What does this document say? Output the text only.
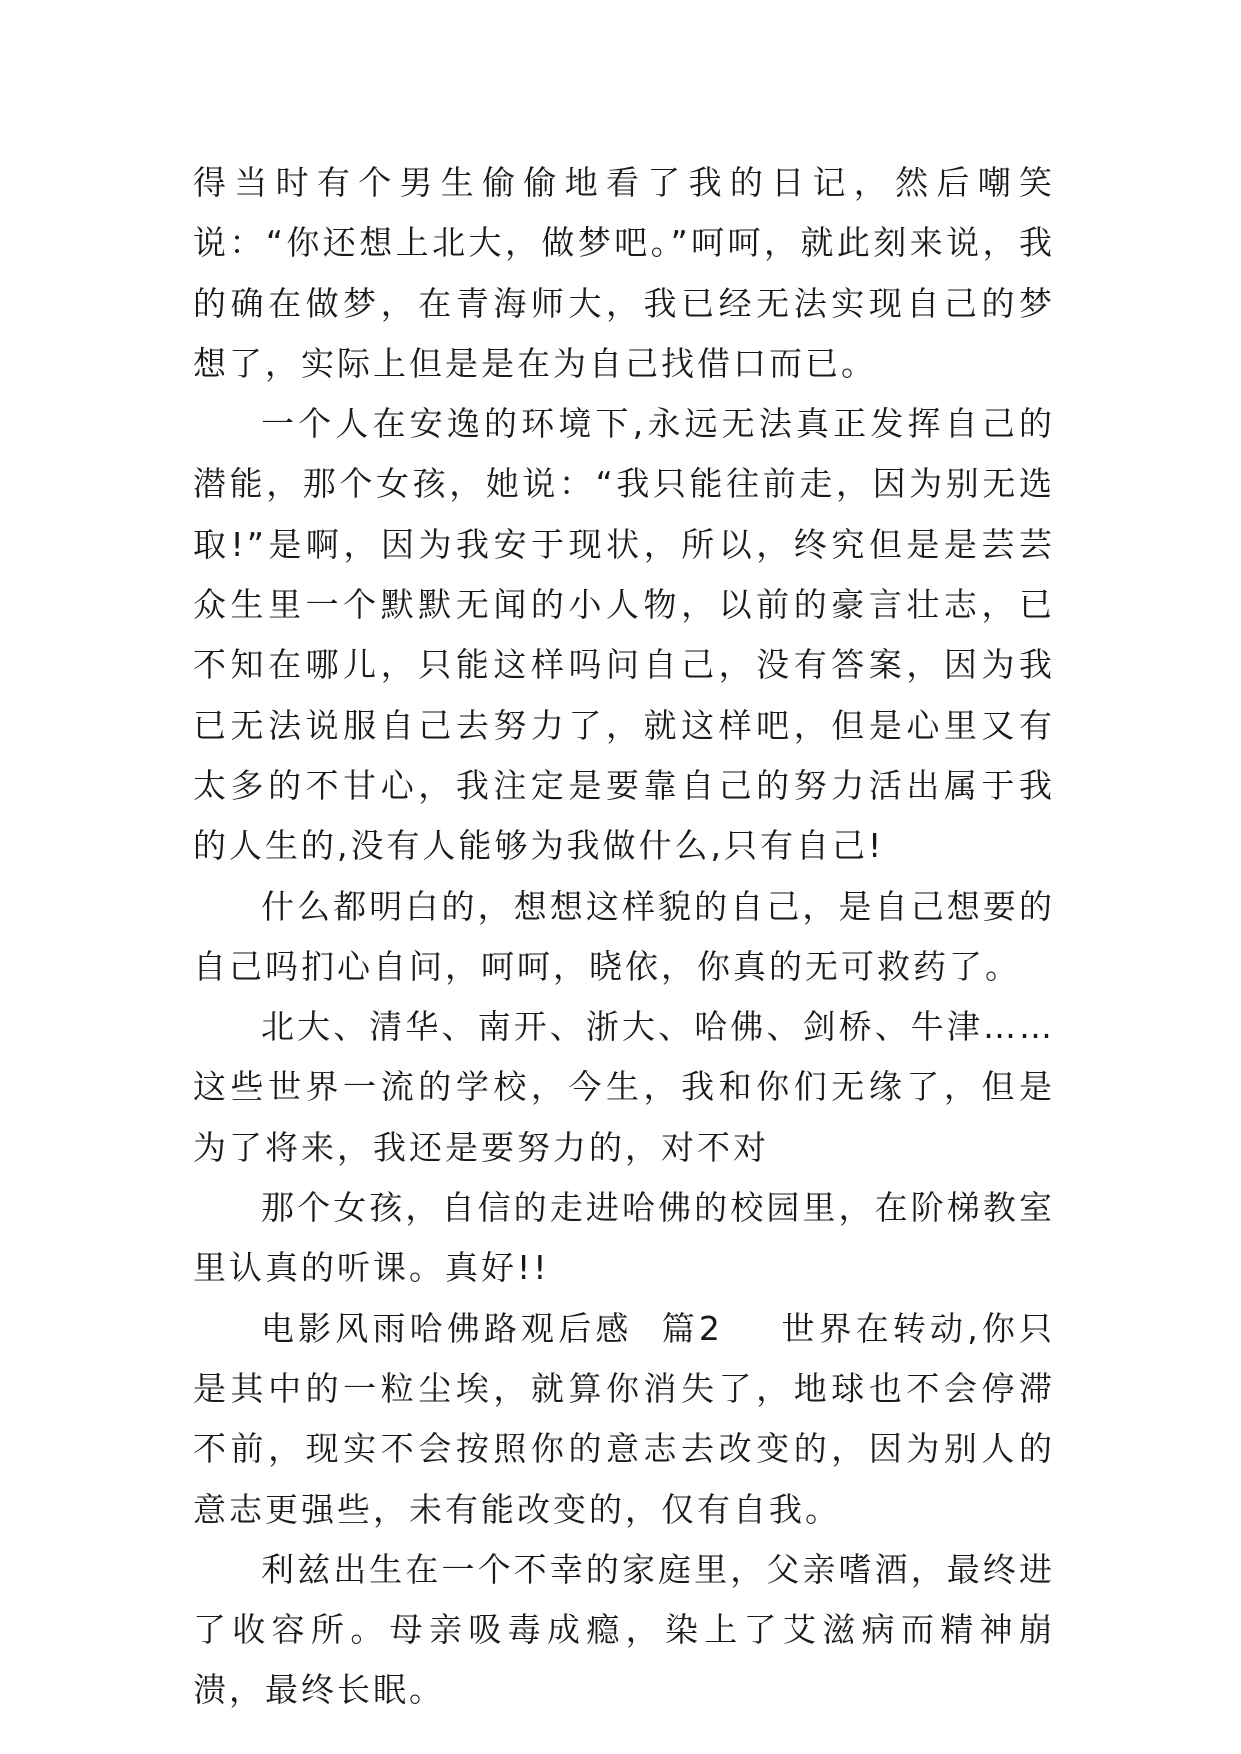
得当时有个男生偷偷地看了我的日记，然后嘲笑说：“你还想上北大，做梦吧。”呵呵，就此刻来说，我的确在做梦，在青海师大，我已经无法实现自己的梦想了，实际上但是是在为自己找借口而已。

一个人在安逸的环境下,永远无法真正发挥自己的潜能，那个女孩，她说：“我只能往前走，因为别无选取!”是啊，因为我安于现状，所以，终究但是是芸芸众生里一个默默无闻的小人物，以前的豪言壮志，已不知在哪儿，只能这样吗问自己，没有答案，因为我已无法说服自己去努力了，就这样吧，但是心里又有太多的不甘心，我注定是要靠自己的努力活出属于我的人生的,没有人能够为我做什么,只有自己!

什么都明白的，想想这样貌的自己，是自己想要的自己吗扪心自问，呵呵，晓依，你真的无可救药了。

北大、清华、南开、浙大、哈佛、剑桥、牛津……这些世界一流的学校，今生，我和你们无缘了，但是为了将来，我还是要努力的，对不对

那个女孩，自信的走进哈佛的校园里，在阶梯教室里认真的听课。真好!!

电影风雨哈佛路观后感  篇2    世界在转动,你只是其中的一粒尘埃，就算你消失了，地球也不会停滞不前，现实不会按照你的意志去改变的，因为别人的意志更强些，未有能改变的，仅有自我。

利兹出生在一个不幸的家庭里，父亲嗜酒，最终进了收容所。母亲吸毒成瘾，染上了艾滋病而精神崩溃，最终长眠。
